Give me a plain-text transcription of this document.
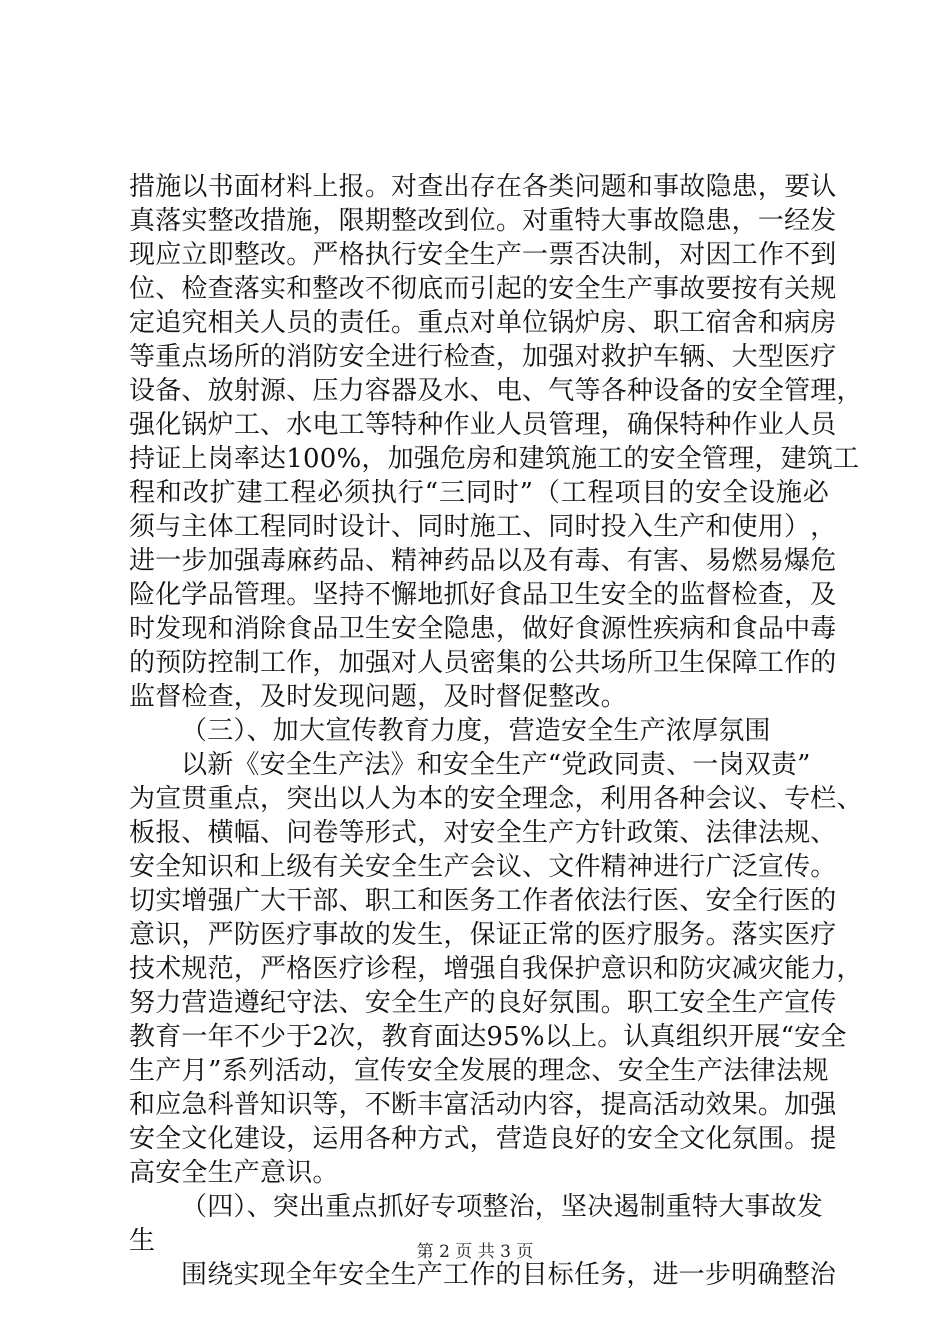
措 施 以 书 面 材 料 上 报 。 对 查 出 存 在 各 类 问 题 和 事 故 隐 患 ， 要 认
真 落 实 整 改 措 施 ， 限 期 整 改 到 位 。 对 重 特 大 事 故 隐 患 ， 一 经 发
现 应 立 即 整 改 。 严 格 执 行 安 全 生 产 一 票 否 决 制 ， 对 因 工 作 不 到
位 、 检 查 落 实 和 整 改 不 彻 底 而 引 起 的 安 全 生 产 事 故 要 按 有 关 规
定 追 究 相 关 人 员 的 责 任 。 重 点 对 单 位 锅 炉 房 、 职 工 宿 舍 和 病 房
等 重 点 场 所 的 消 防 安 全 进 行 检 查 ， 加 强 对 救 护 车 辆 、 大 型 医 疗
设 备 、 放 射 源 、 压 力 容 器 及 水 、 电 、 气 等 各 种 设 备 的 安 全 管 理 ，
强 化 锅 炉 工 、 水 电 工 等 特 种 作 业 人 员 管 理 ， 确 保 特 种 作 业 人 员
持 证 上 岗 率 达 100% ， 加 强 危 房 和 建 筑 施 工 的 安 全 管 理 ， 建 筑 工
程 和 改 扩 建 工 程 必 须 执 行 “ 三 同 时 ” （ 工 程 项 目 的 安 全 设 施 必
须 与 主 体 工 程 同 时 设 计 、 同 时 施 工 、 同 时 投 入 生 产 和 使 用 ） ，
进 一 步 加 强 毒 麻 药 品 、 精 神 药 品 以 及 有 毒 、 有 害 、 易 燃 易 爆 危
险 化 学 品 管 理 。 坚 持 不 懈 地 抓 好 食 品 卫 生 安 全 的 监 督 检 查 ， 及
时 发 现 和 消 除 食 品 卫 生 安 全 隐 患 ， 做 好 食 源 性 疾 病 和 食 品 中 毒
的 预 防 控 制 工 作 ， 加 强 对 人 员 密 集 的 公 共 场 所 卫 生 保 障 工 作 的
监督检查，及时发现问题，及时督促整改。
（三）、加大宣传教育力度，营造安全生产浓厚氛围
以新《安全生产法》和安全生产“党政同责、一岗双责”
为 宣 贯 重 点 ， 突 出 以 人 为 本 的 安 全 理 念 ， 利 用 各 种 会 议 、 专 栏 、
板 报 、 横 幅 、 问 卷 等 形 式 ， 对 安 全 生 产 方 针 政 策 、 法 律 法 规 、
安 全 知 识 和 上 级 有 关 安 全 生 产 会 议 、 文 件 精 神 进 行 广 泛 宣 传 。
切 实 增 强 广 大 干 部 、 职 工 和 医 务 工 作 者 依 法 行 医 、 安 全 行 医 的
意 识 ， 严 防 医 疗 事 故 的 发 生 ， 保 证 正 常 的 医 疗 服 务 。 落 实 医 疗
技 术 规 范 ， 严 格 医 疗 诊 程 ， 增 强 自 我 保 护 意 识 和 防 灾 减 灾 能 力 ，
努 力 营 造 遵 纪 守 法 、 安 全 生 产 的 良 好 氛 围 。 职 工 安 全 生 产 宣 传
教 育 一 年 不 少 于 2 次 ， 教 育 面 达 95% 以 上 。 认 真 组 织 开 展 “ 安 全
生 产 月 ” 系 列 活 动 ， 宣 传 安 全 发 展 的 理 念 、 安 全 生 产 法 律 法 规
和 应 急 科 普 知 识 等 ， 不 断 丰 富 活 动 内 容 ， 提 高 活 动 效 果 。 加 强
安 全 文 化 建 设 ， 运 用 各 种 方 式 ， 营 造 良 好 的 安 全 文 化 氛 围 。 提
高安全生产意识。
（四）、突出重点抓好专项整治，坚决遏制重特大事故发
生
围绕实现全年安全生产工作的目标任务，进一步明确整治
第 2 页 共 3 页
